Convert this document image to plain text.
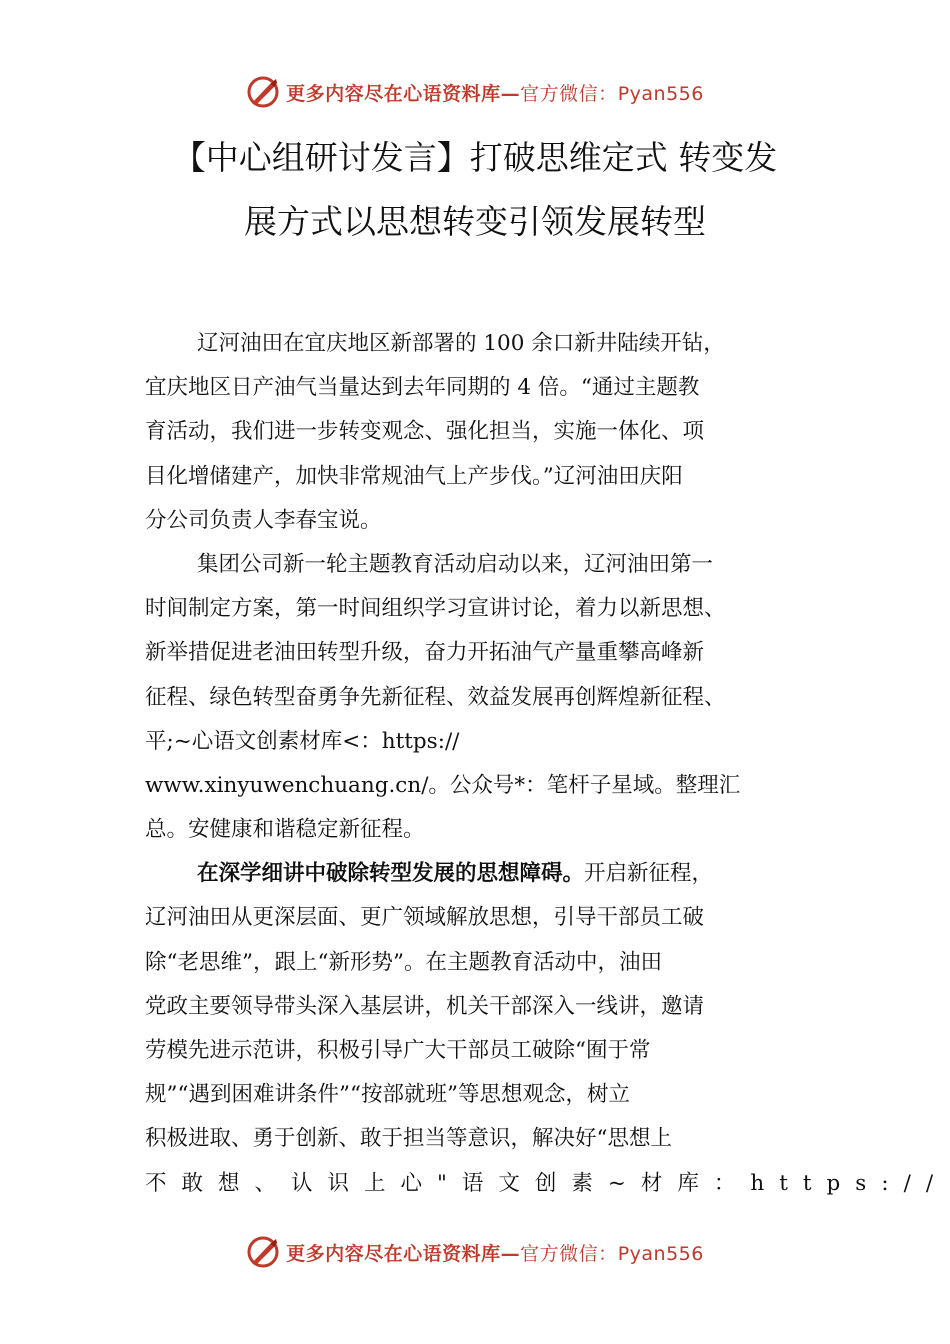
更多内容尽在心语资料库—官方微信：Pyan556
【中心组研讨发言】打破思维定式 转变发
展方式以思想转变引领发展转型
辽河油田在宜庆地区新部署的 100 余口新井陆续开钻，
宜庆地区日产油气当量达到去年同期的 4 倍。“通过主题教
育活动，我们进一步转变观念、强化担当，实施一体化、项
目化增储建产，加快非常规油气上产步伐。”辽河油田庆阳
分公司负责人李春宝说。
集团公司新一轮主题教育活动启动以来，辽河油田第一
时间制定方案，第一时间组织学习宣讲讨论，着力以新思想、
新举措促进老油田转型升级，奋力开拓油气产量重攀高峰新
征程、绿色转型奋勇争先新征程、效益发展再创辉煌新征程、
平;~心语文创素材库<：https://
www.xinyuwenchuang.cn/。公众号*：笔杆子星域。整理汇
总。安健康和谐稳定新征程。
在深学细讲中破除转型发展的思想障碍。开启新征程，
辽河油田从更深层面、更广领域解放思想，引导干部员工破
除“老思维”，跟上“新形势”。在主题教育活动中，油田
党政主要领导带头深入基层讲，机关干部深入一线讲，邀请
劳模先进示范讲，积极引导广大干部员工破除“囿于常
规”“遇到困难讲条件”“按部就班”等思想观念，树立
积极进取、勇于创新、敢于担当等意识，解决好“思想上
不敢想、认识上心"语文创素~材库：https://
更多内容尽在心语资料库—官方微信：Pyan556
